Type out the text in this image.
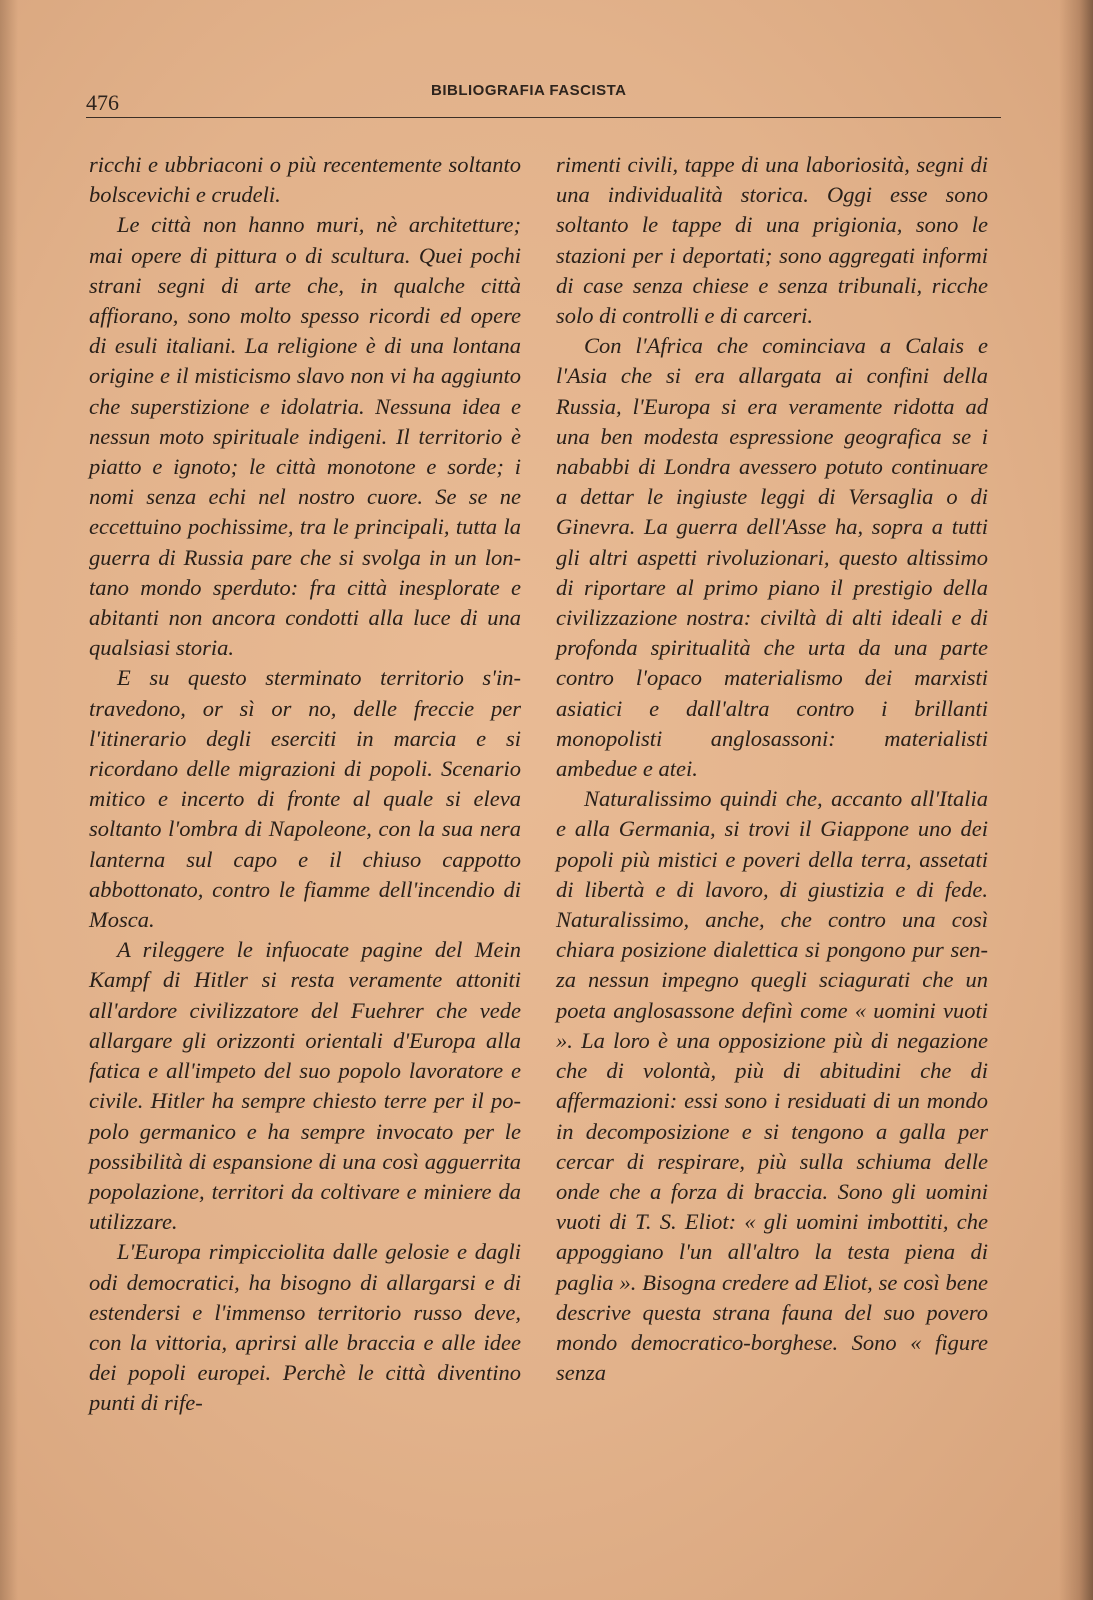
476	BIBLIOGRAFIA FASCISTA

ricchi e ubbriaconi o più recentemente soltanto bolscevichi e crudeli.

Le città non hanno muri, nè architetture; mai opere di pittura o di scultura. Quei pochi strani segni di arte che, in qualche città affiorano, sono molto spesso ricordi ed opere di esuli italiani. La religione è di una lontana origine e il misticismo slavo non vi ha aggiunto che superstizione e idolatria. Nessuna idea e nessun moto spirituale indigeni. Il territorio è piatto e ignoto; le città monotone e sorde; i nomi senza echi nel nostro cuore. Se se ne eccettuino pochissime, tra le principali, tutta la guerra di Russia pare che si svolga in un lontano mondo sperduto: fra città inesplorate e abitanti non ancora condotti alla luce di una qualsiasi storia.

E su questo sterminato territorio s'intravedono, or sì or no, delle freccie per l'itinerario degli eserciti in marcia e si ricordano delle migrazioni di popoli. Scenario mitico e incerto di fronte al quale si eleva soltanto l'ombra di Napoleone, con la sua nera lanterna sul capo e il chiuso cappotto abbottonato, contro le fiamme dell'incendio di Mosca.

A rileggere le infuocate pagine del Mein Kampf di Hitler si resta veramente attoniti all'ardore civilizzatore del Fuehrer che vede allargare gli orizzonti orientali d'Europa alla fatica e all'impeto del suo popolo lavoratore e civile. Hitler ha sempre chiesto terre per il popolo germanico e ha sempre invocato per le possibilità di espansione di una così agguerrita popolazione, territori da coltivare e miniere da utilizzare.

L'Europa rimpicciolita dalle gelosie e dagli odi democratici, ha bisogno di allargarsi e di estendersi e l'immenso territorio russo deve, con la vittoria, aprirsi alle braccia e alle idee dei popoli europei. Perchè le città diventino punti di rife-

rimenti civili, tappe di una laboriosità, segni di una individualità storica. Oggi esse sono soltanto le tappe di una prigionia, sono le stazioni per i deportati; sono aggregati informi di case senza chiese e senza tribunali, ricche solo di controlli e di carceri.

Con l'Africa che cominciava a Calais e l'Asia che si era allargata ai confini della Russia, l'Europa si era veramente ridotta ad una ben modesta espressione geografica se i nababbi di Londra avessero potuto continuare a dettar le ingiuste leggi di Versaglia o di Ginevra. La guerra dell'Asse ha, sopra a tutti gli altri aspetti rivoluzionari, questo altissimo di riportare al primo piano il prestigio della civilizzazione nostra: civiltà di alti ideali e di profonda spiritualità che urta da una parte contro l'opaco materialismo dei marxisti asiatici e dall'altra contro i brillanti monopolisti anglosassoni: materialisti ambedue e atei.

Naturalissimo quindi che, accanto all'Italia e alla Germania, si trovi il Giappone uno dei popoli più mistici e poveri della terra, assetati di libertà e di lavoro, di giustizia e di fede. Naturalissimo, anche, che contro una così chiara posizione dialettica si pongono pur senza nessun impegno quegli sciagurati che un poeta anglosassone definì come « uomini vuoti ». La loro è una opposizione più di negazione che di volontà, più di abitudini che di affermazioni: essi sono i residuati di un mondo in decomposizione e si tengono a galla per cercar di respirare, più sulla schiuma delle onde che a forza di braccia. Sono gli uomini vuoti di T. S. Eliot: « gli uomini imbottiti, che appoggiano l'un all'altro la testa piena di paglia ». Bisogna credere ad Eliot, se così bene descrive questa strana fauna del suo povero mondo democratico-borghese. Sono « figure senza
